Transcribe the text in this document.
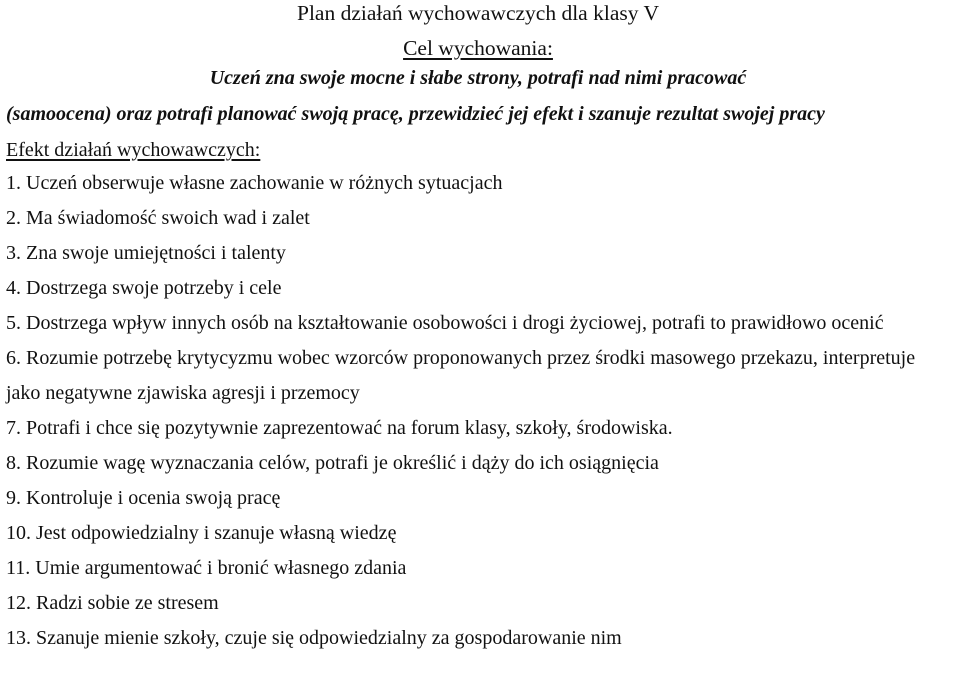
Plan działań wychowawczych dla klasy V
Cel wychowania:
Uczeń zna swoje mocne i słabe strony, potrafi nad nimi pracować
(samoocena) oraz potrafi planować swoją pracę, przewidzieć jej efekt i szanuje rezultat swojej pracy
Efekt działań wychowawczych:
1. Uczeń obserwuje własne zachowanie w różnych sytuacjach
2. Ma świadomość swoich wad i zalet
3. Zna swoje umiejętności i talenty
4. Dostrzega swoje potrzeby i cele
5. Dostrzega wpływ innych osób na kształtowanie osobowości i drogi życiowej, potrafi to prawidłowo ocenić
6. Rozumie potrzebę krytycyzmu wobec wzorców proponowanych przez środki masowego przekazu, interpretuje jako negatywne zjawiska agresji i przemocy
7. Potrafi i chce się pozytywnie zaprezentować na forum klasy, szkoły, środowiska.
8. Rozumie wagę wyznaczania celów, potrafi je określić i dąży do ich osiągnięcia
9. Kontroluje i ocenia swoją pracę
10. Jest odpowiedzialny i szanuje własną wiedzę
11. Umie argumentować i bronić własnego zdania
12. Radzi sobie ze stresem
13. Szanuje mienie szkoły, czuje się odpowiedzialny za gospodarowanie nim
